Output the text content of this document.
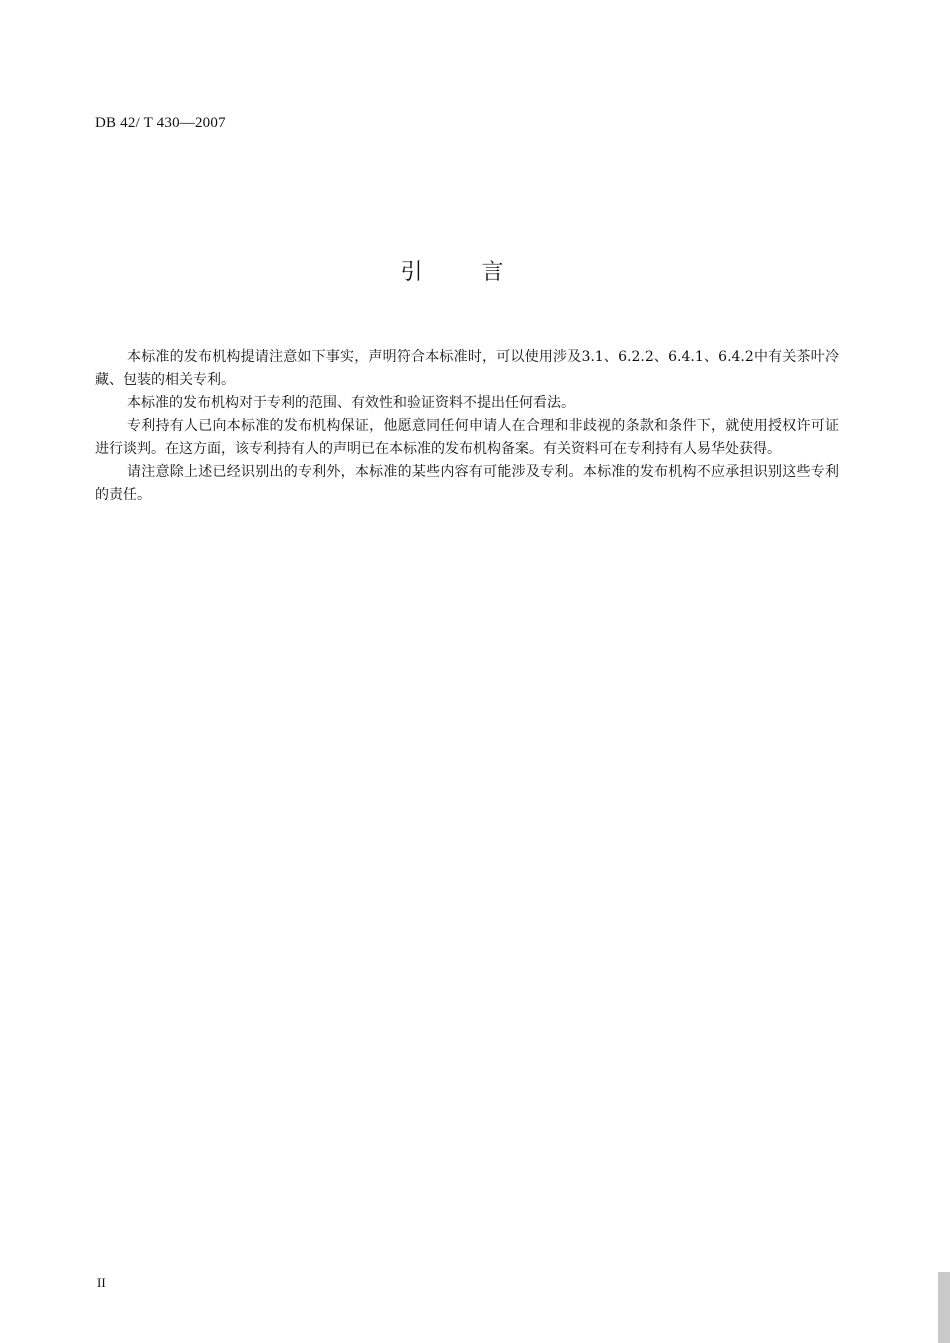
DB 42/ T 430—2007
引 言

本标准的发布机构提请注意如下事实，声明符合本标准时，可以使用涉及3.1、6.2.2、6.4.1、6.4.2中有关茶叶冷藏、包装的相关专利。

本标准的发布机构对于专利的范围、有效性和验证资料不提出任何看法。

专利持有人已向本标准的发布机构保证，他愿意同任何申请人在合理和非歧视的条款和条件下，就使用授权许可证进行谈判。在这方面，该专利持有人的声明已在本标准的发布机构备案。有关资料可在专利持有人易华处获得。

请注意除上述已经识别出的专利外，本标准的某些内容有可能涉及专利。本标准的发布机构不应承担识别这些专利的责任。

II
